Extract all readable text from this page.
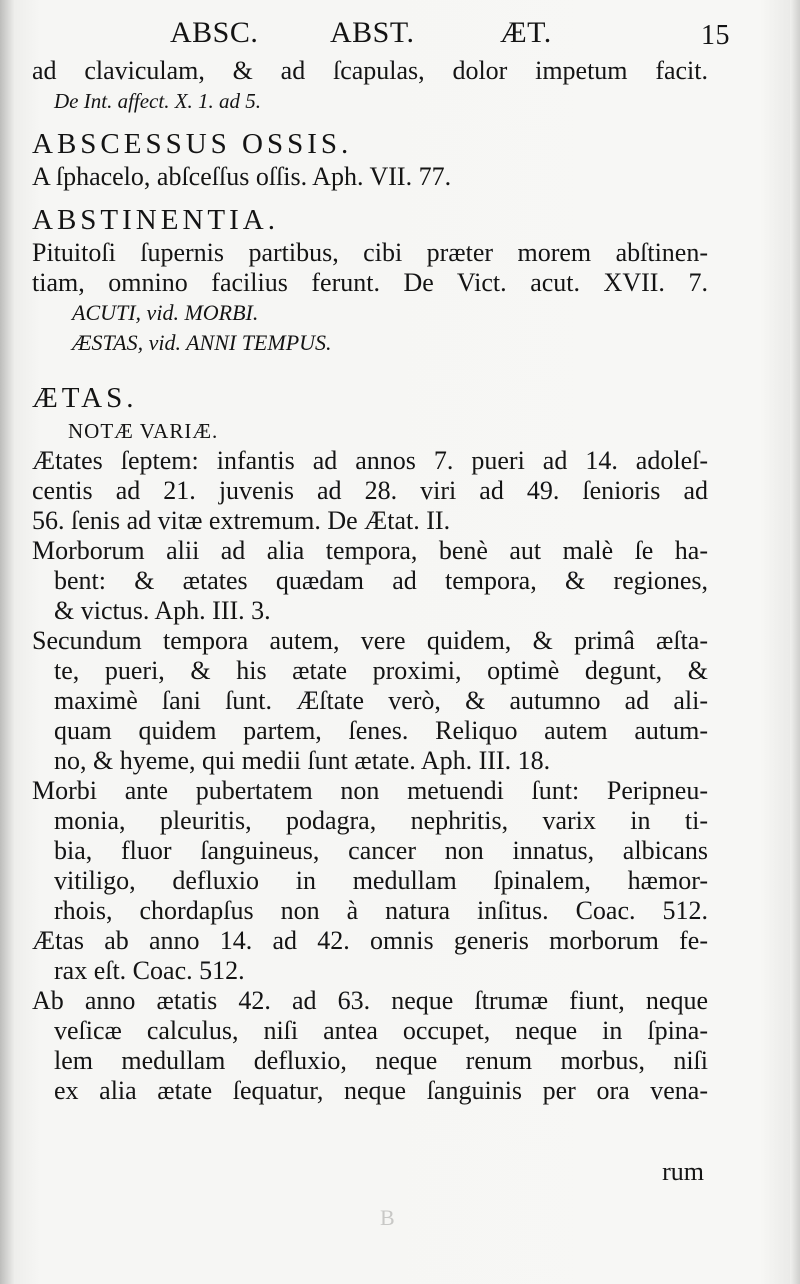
ABSC. ABST.	ÆT.	15
ad claviculam, & ad ſcapulas, dolor impetum facit.
De Int. affect. X. 1. ad 5.
ABSCESSUS OSSIS.
A ſphacelo, abſceſſus oſſis. Aph. VII. 77.
ABSTINENTIA.
Pituitoſi ſupernis partibus, cibi præter morem abſtinen-
tiam, omnino facilius ferunt. De Vict. acut. XVII. 7.
ACUTI, vid. MORBI.
ÆSTAS, vid. ANNI TEMPUS.
ÆTAS.
NOTÆ VARIÆ.
Ætates ſeptem: infantis ad annos 7. pueri ad 14. adoleſ-
centis ad 21. juvenis ad 28. viri ad 49. ſenioris ad
56. ſenis ad vitæ extremum. De Ætat. II.
Morborum alii ad alia tempora, benè aut malè ſe ha-
bent: & ætates quædam ad tempora, & regiones,
& victus. Aph. III. 3.
Secundum tempora autem, vere quidem, & primâ æſta-
te, pueri, & his ætate proximi, optimè degunt, &
maximè ſani ſunt. Æſtate verò, & autumno ad ali-
quam quidem partem, ſenes. Reliquo autem autum-
no, & hyeme, qui medii ſunt ætate. Aph. III. 18.
Morbi ante pubertatem non metuendi ſunt: Peripneu-
monia, pleuritis, podagra, nephritis, varix in ti-
bia, fluor ſanguineus, cancer non innatus, albicans
vitiligo, defluxio in medullam ſpinalem, hæmor-
rhois, chordapſus non à natura inſitus. Coac. 512.
Ætas ab anno 14. ad 42. omnis generis morborum fe-
rax eſt. Coac. 512.
Ab anno ætatis 42. ad 63. neque ſtrumæ fiunt, neque
veſicæ calculus, niſi antea occupet, neque in ſpina-
lem medullam defluxio, neque renum morbus, niſi
ex alia ætate ſequatur, neque ſanguinis per ora vena-
rum
B
